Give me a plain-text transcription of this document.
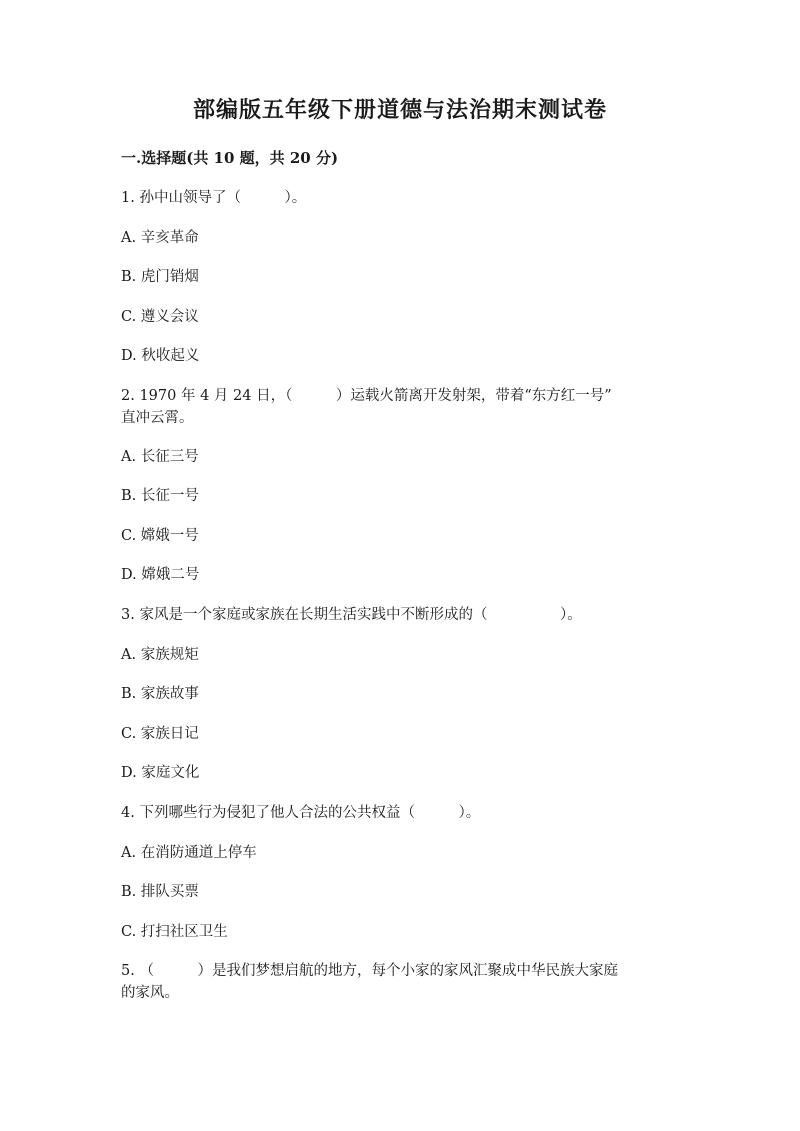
部编版五年级下册道德与法治期末测试卷
一.选择题(共 10 题，共 20 分)
1. 孙中山领导了（　　　）。
A. 辛亥革命
B. 虎门销烟
C. 遵义会议
D. 秋收起义
2. 1970 年 4 月 24 日，（　　　）运载火箭离开发射架，带着“东方红一号”
直冲云霄。
A. 长征三号
B. 长征一号
C. 嫦娥一号
D. 嫦娥二号
3. 家风是一个家庭或家族在长期生活实践中不断形成的（　　　　　）。
A. 家族规矩
B. 家族故事
C. 家族日记
D. 家庭文化
4. 下列哪些行为侵犯了他人合法的公共权益（　　　）。
A. 在消防通道上停车
B. 排队买票
C. 打扫社区卫生
5. （　　　）是我们梦想启航的地方，每个小家的家风汇聚成中华民族大家庭
的家风。
